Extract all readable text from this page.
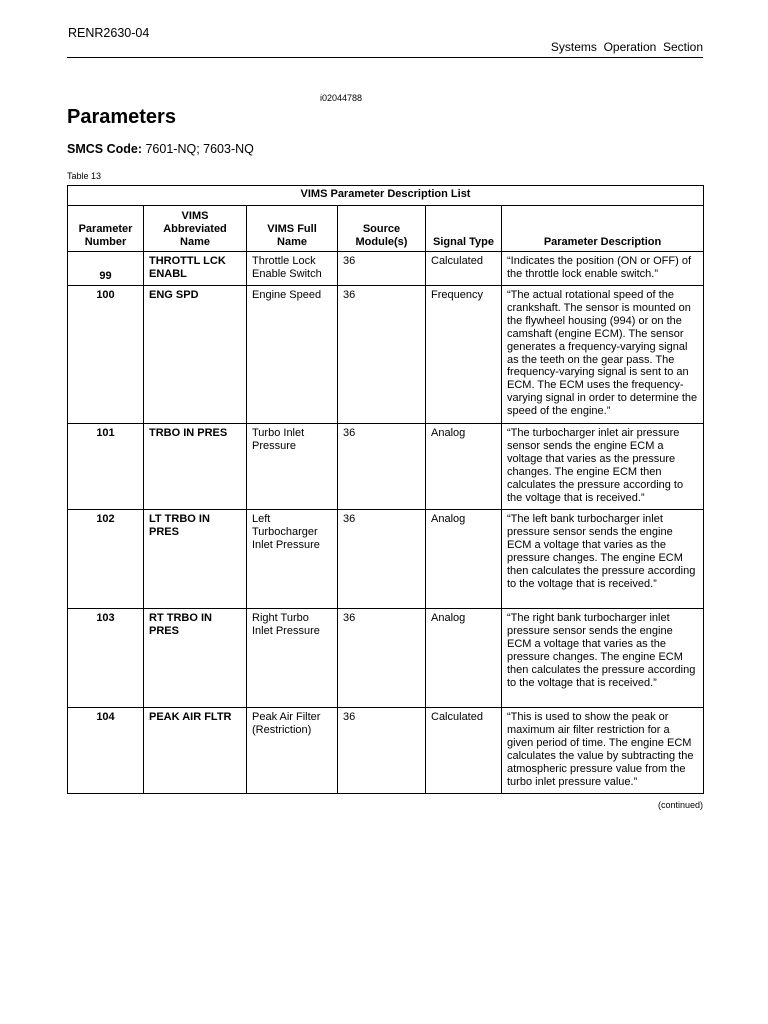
RENR2630-04
Systems  Operation  Section
i02044788
Parameters
SMCS Code: 7601-NQ; 7603-NQ
Table 13
VIMS Parameter Description List					
Parameter Number	VIMS Abbreviated Name	VIMS Full Name	Source Module(s)	Signal Type	Parameter Description
99	THROTTL LCK ENABL	Throttle Lock Enable Switch	36	Calculated	“Indicates the position (ON or OFF) of the throttle lock enable switch.”
100	ENG SPD	Engine Speed	36	Frequency	“The actual rotational speed of the crankshaft. The sensor is mounted on the flywheel housing (994) or on the camshaft (engine ECM). The sensor generates a frequency-varying signal as the teeth on the gear pass. The frequency-varying signal is sent to an ECM. The ECM uses the frequency-varying signal in order to determine the speed of the engine.”
101	TRBO IN PRES	Turbo Inlet Pressure	36	Analog	“The turbocharger inlet air pressure sensor sends the engine ECM a voltage that varies as the pressure changes. The engine ECM then calculates the pressure according to the voltage that is received.”
102	LT TRBO IN PRES	Left Turbocharger Inlet Pressure	36	Analog	“The left bank turbocharger inlet pressure sensor sends the engine ECM a voltage that varies as the pressure changes. The engine ECM then calculates the pressure according to the voltage that is received.”
103	RT TRBO IN PRES	Right Turbo Inlet Pressure	36	Analog	“The right bank turbocharger inlet pressure sensor sends the engine ECM a voltage that varies as the pressure changes. The engine ECM then calculates the pressure according to the voltage that is received.”
104	PEAK AIR FLTR	Peak Air Filter (Restriction)	36	Calculated	“This is used to show the peak or maximum air filter restriction for a given period of time. The engine ECM calculates the value by subtracting the atmospheric pressure value from the turbo inlet pressure value.”
(continued)
